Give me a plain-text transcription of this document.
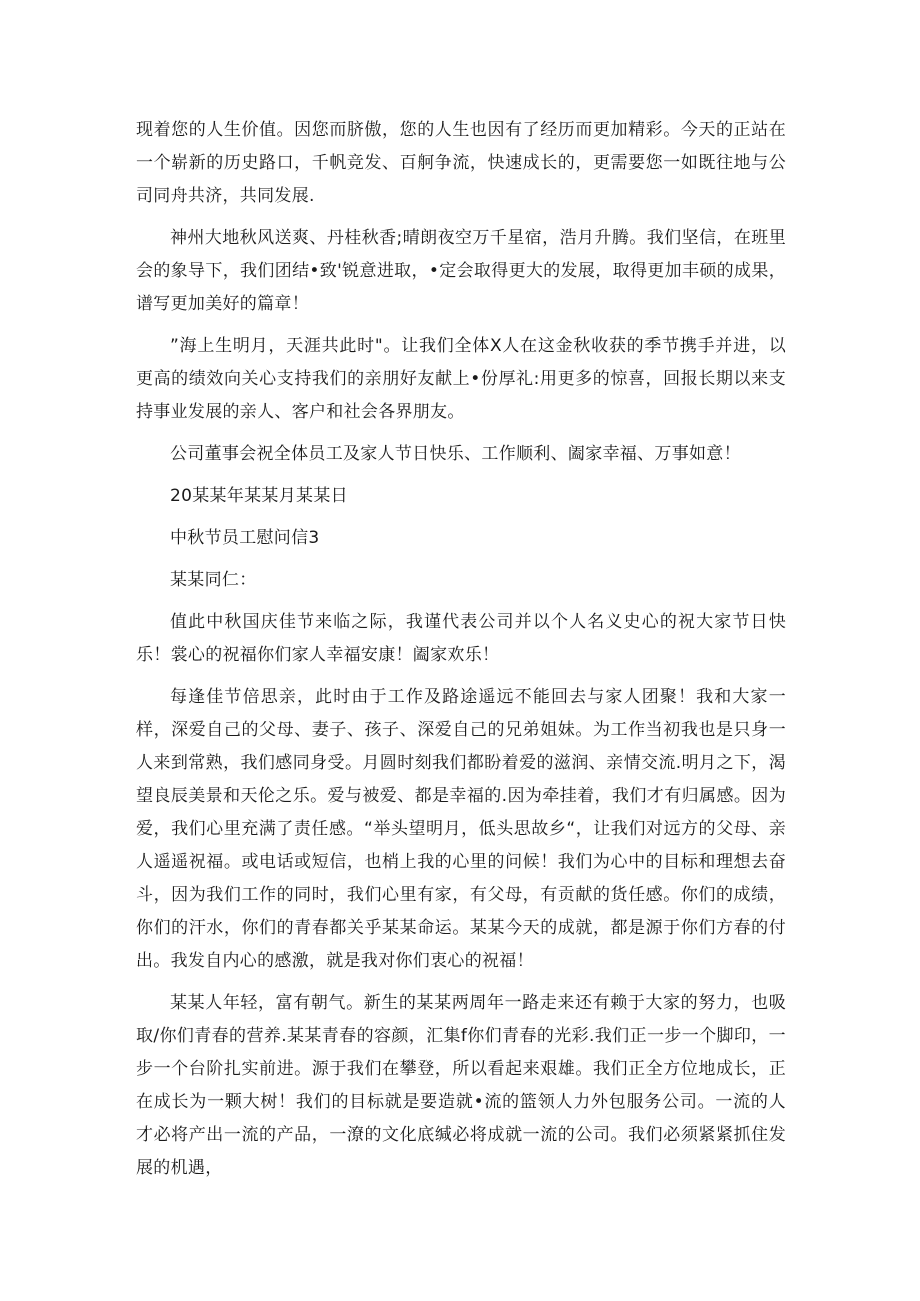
现着您的人生价值。因您而脐傲，您的人生也因有了经历而更加精彩。今天的正站在一个崭新的历史路口，千帆竞发、百舸争流，快速成长的，更需要您一如既往地与公司同舟共济，共同发展.

神州大地秋风送爽、丹桂秋香;晴朗夜空万千星宿，浩月升腾。我们坚信，在班里会的象导下，我们团结•致'锐意进取，•定会取得更大的发展，取得更加丰硕的成果，谱写更加美好的篇章！

”海上生明月，天涯共此时"。让我们全体X人在这金秋收获的季节携手并进，以更高的绩效向关心支持我们的亲朋好友献上•份厚礼:用更多的惊喜，回报长期以来支持事业发展的亲人、客户和社会各界朋友。

公司董事会祝全体员工及家人节日快乐、工作顺利、阖家幸福、万事如意！

20某某年某某月某某日

中秋节员工慰问信3

某某同仁：

值此中秋国庆佳节来临之际，我谨代表公司并以个人名义史心的祝大家节日快乐！裳心的祝福你们家人幸福安康！阖家欢乐！

每逢佳节倍思亲，此时由于工作及路途遥远不能回去与家人团聚！我和大家一样，深爱自己的父母、妻子、孩子、深爱自己的兄弟姐妹。为工作当初我也是只身一人来到常熟，我们感同身受。月圆时刻我们都盼着爱的滋润、亲情交流.明月之下，渴望良辰美景和天伦之乐。爱与被爱、都是幸福的.因为牵挂着，我们才有归属感。因为爱，我们心里充满了责任感。“举头望明月，低头思故乡“，让我们对远方的父母、亲人遥遥祝福。或电话或短信，也梢上我的心里的问候！我们为心中的目标和理想去奋斗，因为我们工作的同时，我们心里有家，有父母，有贡献的货任感。你们的成绩，你们的汗水，你们的青春都关乎某某命运。某某今天的成就，都是源于你们方春的付出。我发自内心的感激，就是我对你们衷心的祝福！

某某人年轻，富有朝气。新生的某某两周年一路走来还有赖于大家的努力，也吸取/你们青春的营养.某某青春的容颜，汇集f你们青春的光彩.我们正一步一个脚印，一步一个台阶扎实前进。源于我们在攀登，所以看起来艰雄。我们正全方位地成长，正在成长为一颗大树！我们的目标就是要造就•流的篮领人力外包服务公司。一流的人才必将产出一流的产品，一潦的文化底缄必将成就一流的公司。我们必须紧紧抓住发展的机遇，
